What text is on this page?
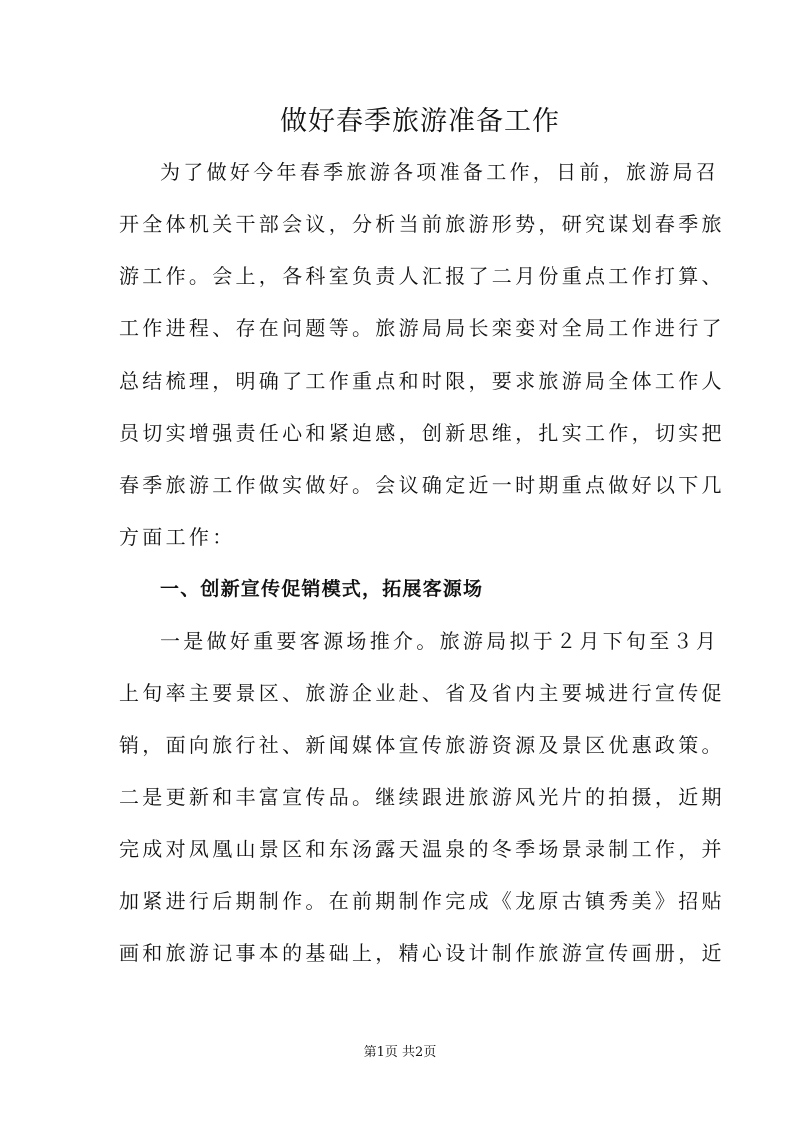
做好春季旅游准备工作
为了做好今年春季旅游各项准备工作，日前，旅游局召
开全体机关干部会议，分析当前旅游形势，研究谋划春季旅
游工作。会上，各科室负责人汇报了二月份重点工作打算、
工作进程、存在问题等。旅游局局长栾娈对全局工作进行了
总结梳理，明确了工作重点和时限，要求旅游局全体工作人
员切实增强责任心和紧迫感，创新思维，扎实工作，切实把
春季旅游工作做实做好。会议确定近一时期重点做好以下几
方面工作：
一、创新宣传促销模式，拓展客源场
一是做好重要客源场推介。旅游局拟于２月下旬至３月
上旬率主要景区、旅游企业赴、省及省内主要城进行宣传促
销，面向旅行社、新闻媒体宣传旅游资源及景区优惠政策。
二是更新和丰富宣传品。继续跟进旅游风光片的拍摄，近期
完成对凤凰山景区和东汤露天温泉的冬季场景录制工作，并
加紧进行后期制作。在前期制作完成《龙原古镇秀美》招贴
画和旅游记事本的基础上，精心设计制作旅游宣传画册，近
第1页 共2页
